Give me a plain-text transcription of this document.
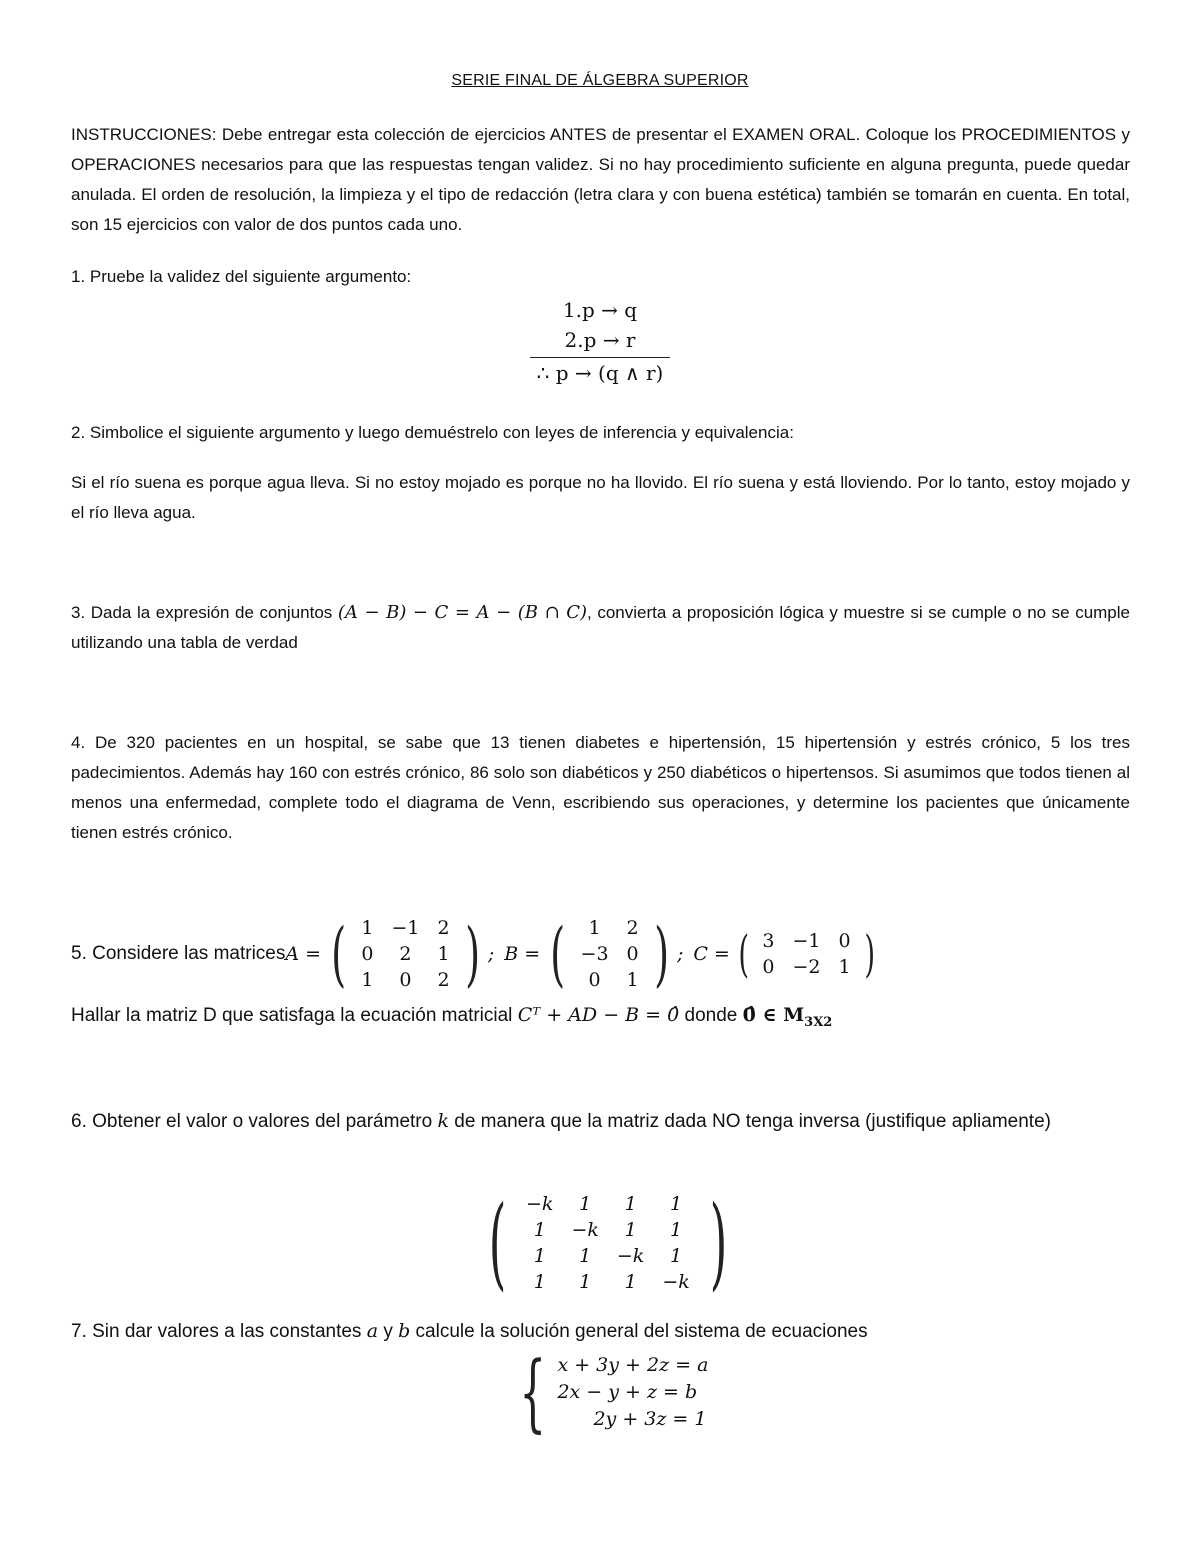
SERIE FINAL DE ÁLGEBRA SUPERIOR
INSTRUCCIONES: Debe entregar esta colección de ejercicios ANTES de presentar el EXAMEN ORAL. Coloque los PROCEDIMIENTOS y OPERACIONES necesarios para que las respuestas tengan validez. Si no hay procedimiento suficiente en alguna pregunta, puede quedar anulada. El orden de resolución, la limpieza y el tipo de redacción (letra clara y con buena estética) también se tomarán en cuenta. En total, son 15 ejercicios con valor de dos puntos cada uno.
1. Pruebe la validez del siguiente argumento:
1.p → q
2.p → r
∴ p → (q ∧ r)
2. Simbolice el siguiente argumento y luego demuéstrelo con leyes de inferencia y equivalencia:
Si el río suena es porque agua lleva. Si no estoy mojado es porque no ha llovido. El río suena y está lloviendo. Por lo tanto, estoy mojado y el río lleva agua.
3. Dada la expresión de conjuntos (A − B) − C = A − (B ∩ C), convierta a proposición lógica y muestre si se cumple o no se cumple utilizando una tabla de verdad
4. De 320 pacientes en un hospital, se sabe que 13 tienen diabetes e hipertensión, 15 hipertensión y estrés crónico, 5 los tres padecimientos. Además hay 160 con estrés crónico, 86 solo son diabéticos y 250 diabéticos o hipertensos. Si asumimos que todos tienen al menos una enfermedad, complete todo el diagrama de Venn, escribiendo sus operaciones, y determine los pacientes que únicamente tienen estrés crónico.
5. Considere las matrices A = ( 1	−1	2
0	2	1
1	0	2 ) ; B = ( 1	2
−3	0
0	1 ) ; C = ( 3	−1	0
0	−2	1 )
Hallar la matriz D que satisfaga la ecuación matricial Cᵀ + AD − B = 0̂ donde 0̂ ∈ $M_{3X2}$
6. Obtener el valor o valores del parámetro k de manera que la matriz dada NO tenga inversa (justifique apliamente)
( −k	1	1	1
1	−k	1	1
1	1	−k	1
1	1	1	−k )
7. Sin dar valores a las constantes a y b calcule la solución general del sistema de ecuaciones
{ x + 3y + 2z = a
2x − y + z = b
2y + 3z = 1
